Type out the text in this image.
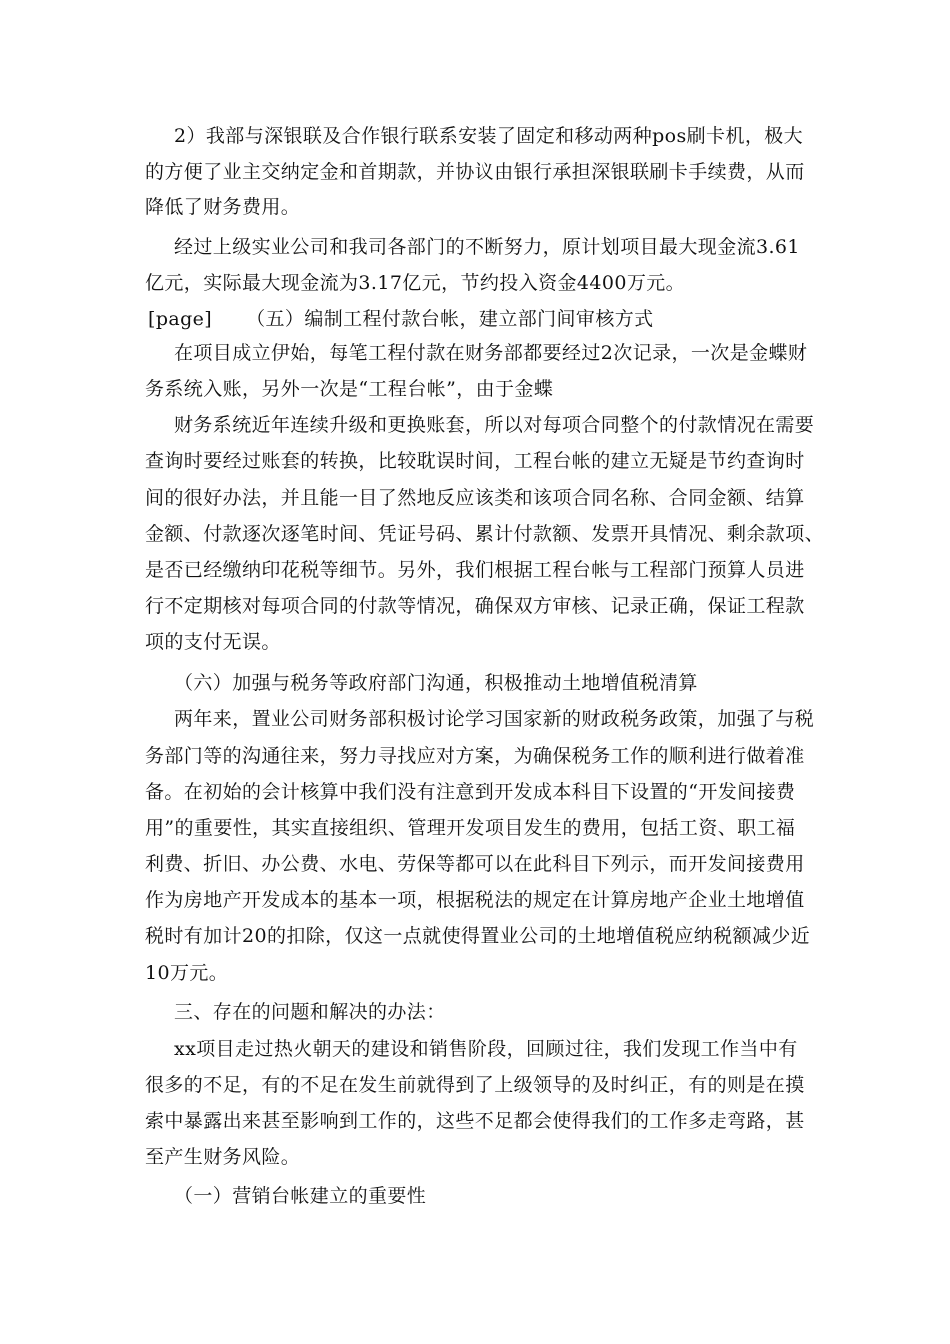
2）我部与深银联及合作银行联系安装了固定和移动两种pos刷卡机，极大
的方便了业主交纳定金和首期款，并协议由银行承担深银联刷卡手续费，从而
降低了财务费用。
经过上级实业公司和我司各部门的不断努力，原计划项目最大现金流3.61
亿元，实际最大现金流为3.17亿元，节约投入资金4400万元。
[page] （五）编制工程付款台帐，建立部门间审核方式
在项目成立伊始，每笔工程付款在财务部都要经过2次记录，一次是金蝶财
务系统入账，另外一次是“工程台帐”，由于金蝶
财务系统近年连续升级和更换账套，所以对每项合同整个的付款情况在需要
查询时要经过账套的转换，比较耽误时间，工程台帐的建立无疑是节约查询时
间的很好办法，并且能一目了然地反应该类和该项合同名称、合同金额、结算
金额、付款逐次逐笔时间、凭证号码、累计付款额、发票开具情况、剩余款项、
是否已经缴纳印花税等细节。另外，我们根据工程台帐与工程部门预算人员进
行不定期核对每项合同的付款等情况，确保双方审核、记录正确，保证工程款
项的支付无误。
（六）加强与税务等政府部门沟通，积极推动土地增值税清算
两年来，置业公司财务部积极讨论学习国家新的财政税务政策，加强了与税
务部门等的沟通往来，努力寻找应对方案，为确保税务工作的顺利进行做着准
备。在初始的会计核算中我们没有注意到开发成本科目下设置的“开发间接费
用”的重要性，其实直接组织、管理开发项目发生的费用，包括工资、职工福
利费、折旧、办公费、水电、劳保等都可以在此科目下列示，而开发间接费用
作为房地产开发成本的基本一项，根据税法的规定在计算房地产企业土地增值
税时有加计20的扣除，仅这一点就使得置业公司的土地增值税应纳税额减少近
10万元。
三、存在的问题和解决的办法：
xx项目走过热火朝天的建设和销售阶段，回顾过往，我们发现工作当中有
很多的不足，有的不足在发生前就得到了上级领导的及时纠正，有的则是在摸
索中暴露出来甚至影响到工作的，这些不足都会使得我们的工作多走弯路，甚
至产生财务风险。
（一）营销台帐建立的重要性
